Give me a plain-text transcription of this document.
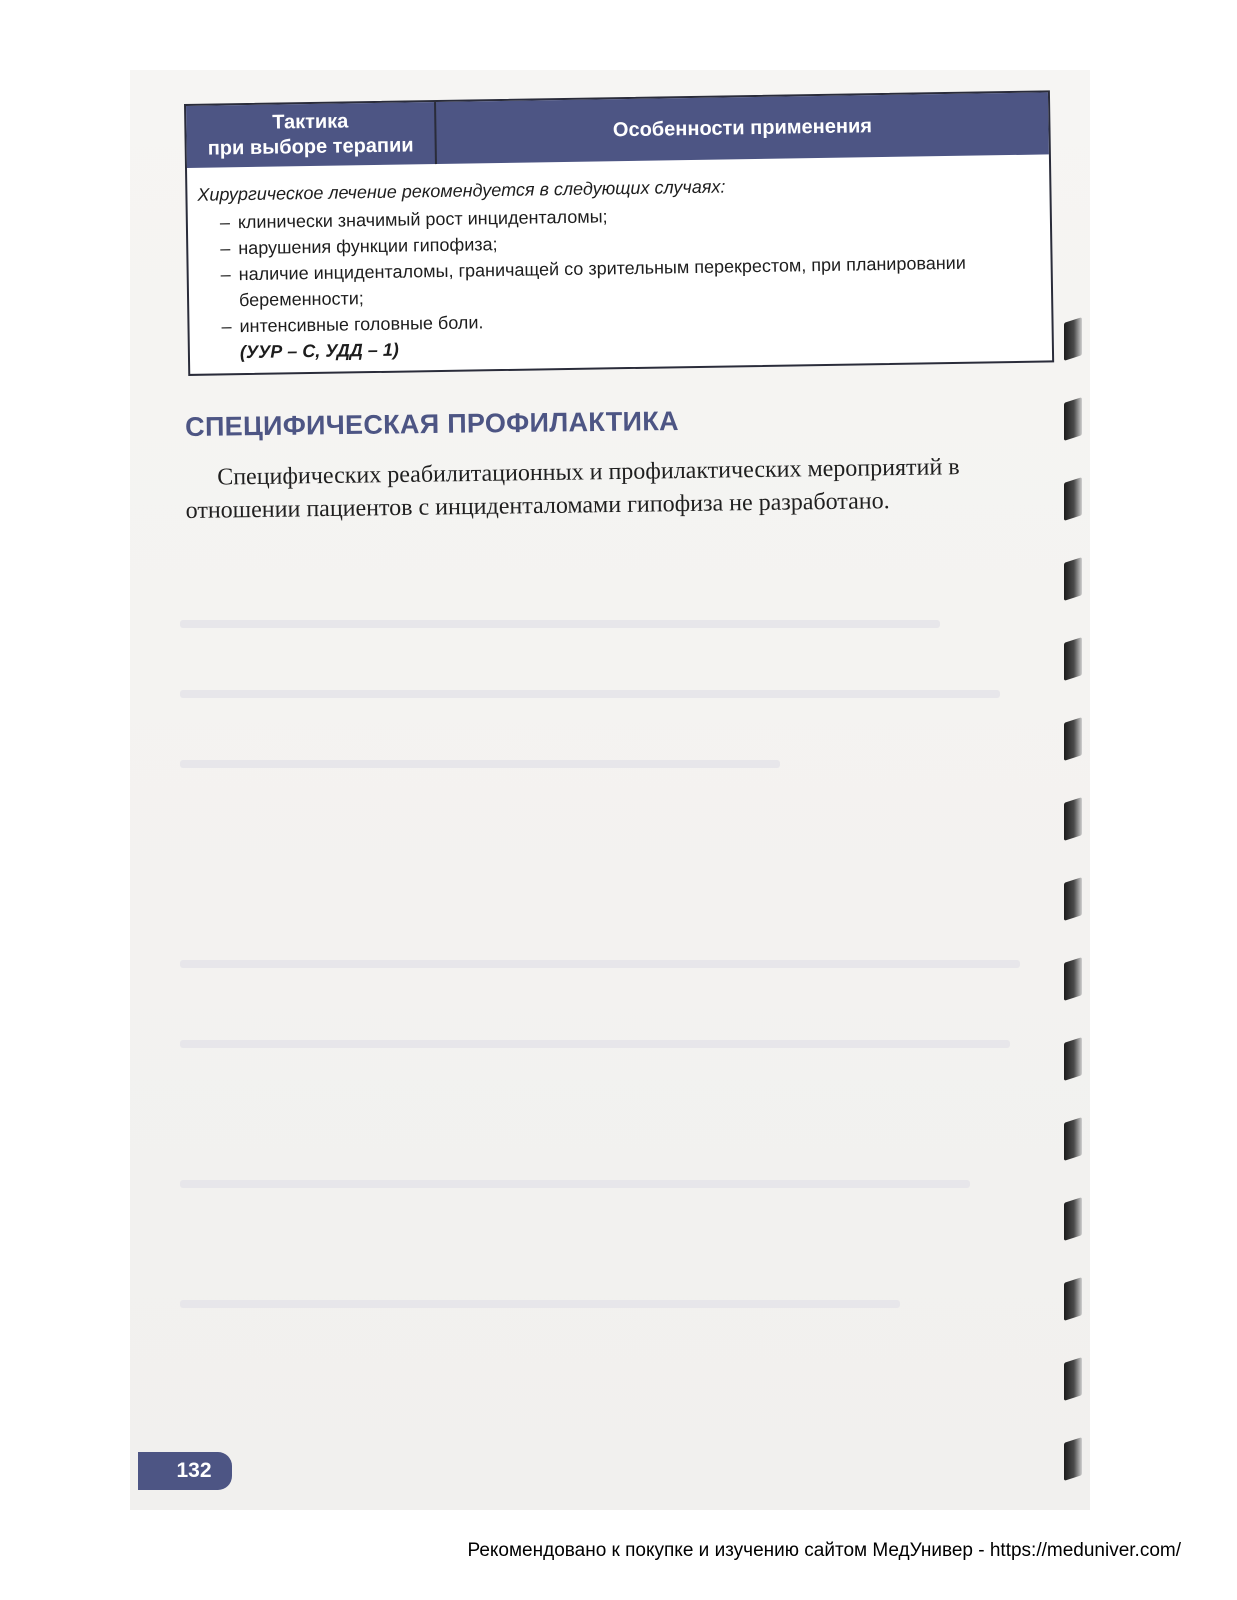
Тактика
при выборе терапии
Особенности применения

Хирургическое лечение рекомендуется в следующих случаях:

– клинически значимый рост инциденталомы;
– нарушения функции гипофиза;
– наличие инциденталомы, граничащей со зрительным перекрестом, при планировании беременности;
– интенсивные головные боли.
(УУР – С, УДД – 1)
СПЕЦИФИЧЕСКАЯ ПРОФИЛАКТИКА

Специфических реабилитационных и профилактических мероприятий в отношении пациентов с инциденталомами гипофиза не разработано.

132
Рекомендовано к покупке и изучению сайтом МедУнивер - https://meduniver.com/
